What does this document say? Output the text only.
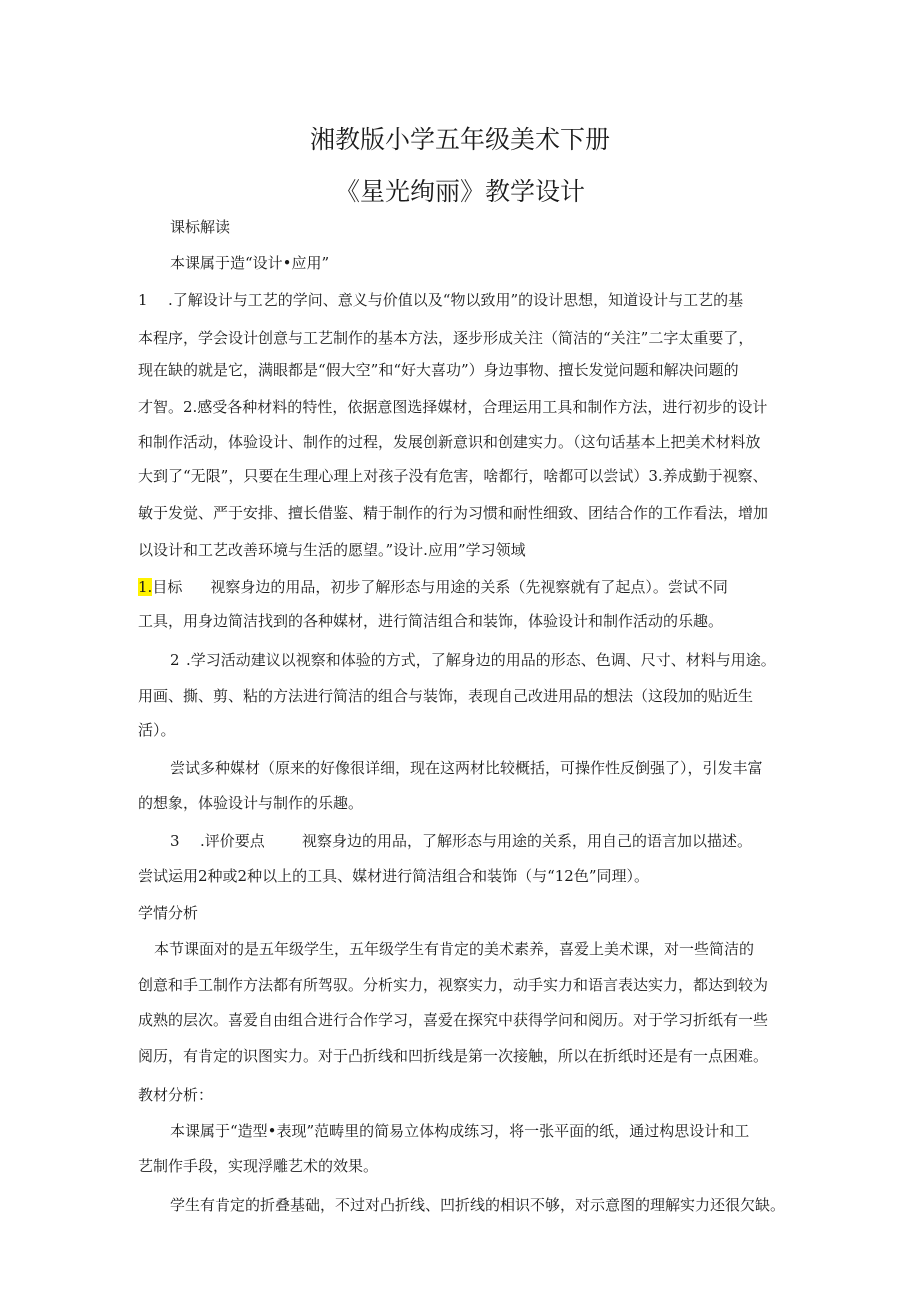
湘教版小学五年级美术下册
《星光绚丽》教学设计
课标解读
本课属于造“设计•应用”
1 .了解设计与工艺的学问、意义与价值以及“物以致用”的设计思想，知道设计与工艺的基
本程序，学会设计创意与工艺制作的基本方法，逐步形成关注（简洁的“关注”二字太重要了，
现在缺的就是它，满眼都是“假大空”和“好大喜功”）身边事物、擅长发觉问题和解决问题的
才智。2.感受各种材料的特性，依据意图选择媒材，合理运用工具和制作方法，进行初步的设计
和制作活动，体验设计、制作的过程，发展创新意识和创建实力。（这句话基本上把美术材料放
大到了“无限”，只要在生理心理上对孩子没有危害，啥都行，啥都可以尝试）3.养成勤于视察、
敏于发觉、严于安排、擅长借鉴、精于制作的行为习惯和耐性细致、团结合作的工作看法，增加
以设计和工艺改善环境与生活的愿望。”设计.应用”学习领域
1.目标 视察身边的用品，初步了解形态与用途的关系（先视察就有了起点）。尝试不同
工具，用身边简洁找到的各种媒材，进行简洁组合和装饰，体验设计和制作活动的乐趣。
2 .学习活动建议以视察和体验的方式，了解身边的用品的形态、色调、尺寸、材料与用途。
用画、撕、剪、粘的方法进行简洁的组合与装饰，表现自己改进用品的想法（这段加的贴近生
活）。
尝试多种媒材（原来的好像很详细，现在这两材比较概括，可操作性反倒强了），引发丰富
的想象，体验设计与制作的乐趣。
3 .评价要点 视察身边的用品，了解形态与用途的关系，用自己的语言加以描述。
尝试运用2种或2种以上的工具、媒材进行简洁组合和装饰（与“12色”同理）。
学情分析
本节课面对的是五年级学生，五年级学生有肯定的美术素养，喜爱上美术课，对一些简洁的
创意和手工制作方法都有所驾驭。分析实力，视察实力，动手实力和语言表达实力，都达到较为
成熟的层次。喜爱自由组合进行合作学习，喜爱在探究中获得学问和阅历。对于学习折纸有一些
阅历，有肯定的识图实力。对于凸折线和凹折线是第一次接触，所以在折纸时还是有一点困难。
教材分析：
本课属于“造型•表现”范畴里的简易立体构成练习，将一张平面的纸，通过构思设计和工
艺制作手段，实现浮雕艺术的效果。
学生有肯定的折叠基础，不过对凸折线、凹折线的相识不够，对示意图的理解实力还很欠缺。
